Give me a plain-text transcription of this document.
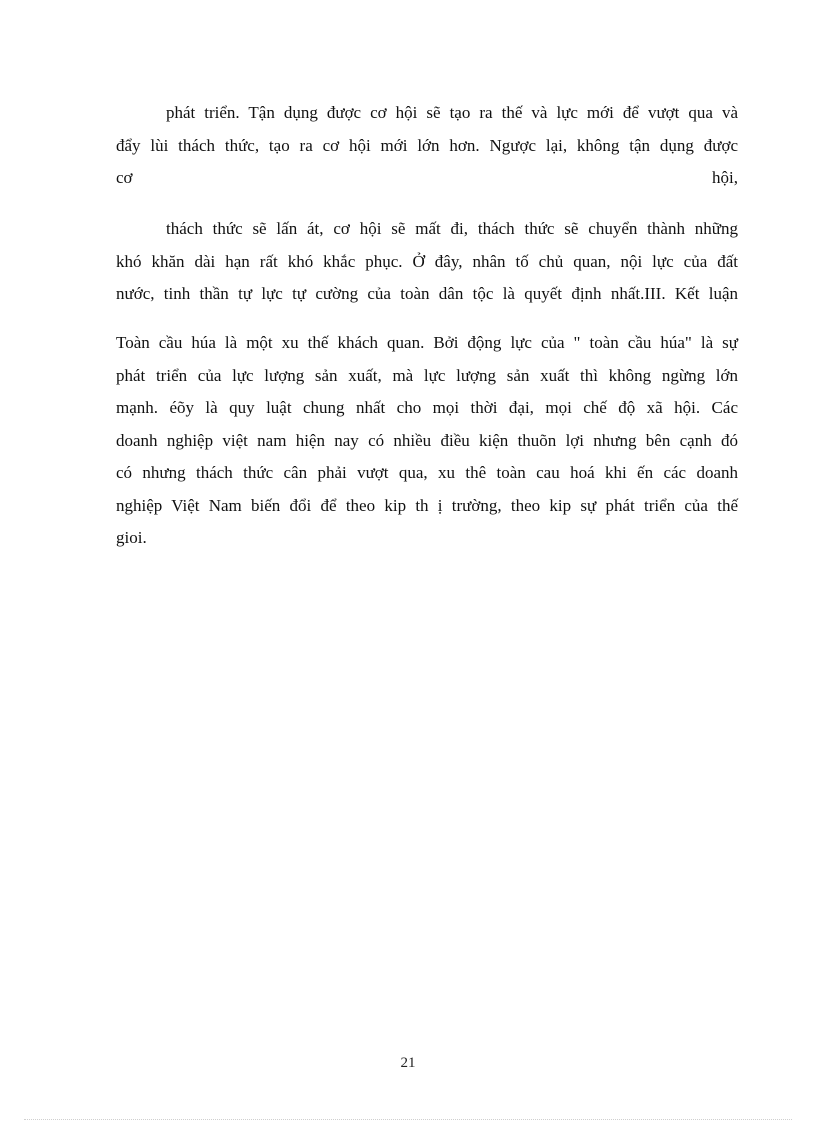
phát triển. Tận dụng được cơ hội sẽ tạo ra thế và lực mới để vượt qua và
đẩy lùi thách thức, tạo ra cơ hội mới lớn hơn. Ngược lại, không tận dụng được
cơ hội,
thách thức sẽ lấn át, cơ hội sẽ mất đi, thách thức sẽ chuyển thành những
khó khăn dài hạn rất khó khắc phục. Ở đây, nhân tố chủ quan, nội lực của đất
nước, tinh thần tự lực tự cường của toàn dân tộc là quyết định nhất.III. Kết luận
Toàn cầu húa là một xu thế khách quan. Bởi động lực của " toàn cầu húa" là sự
phát triển của lực lượng sản xuất, mà lực lượng sản xuất thì không ngừng lớn
mạnh. éõy là quy luật chung nhất cho mọi thời đại, mọi chế độ xã hội. Các
doanh nghiệp việt nam hiện nay có nhiều điều kiện thuõn lợi nhưng bên cạnh đó
có nhưng thách thức cân phải vượt qua, xu thê toàn cau hoá khi ến các doanh
nghiệp Việt Nam biến đổi để theo kip th ị trường, theo kip sự phát triển của thế
gioi.
21
